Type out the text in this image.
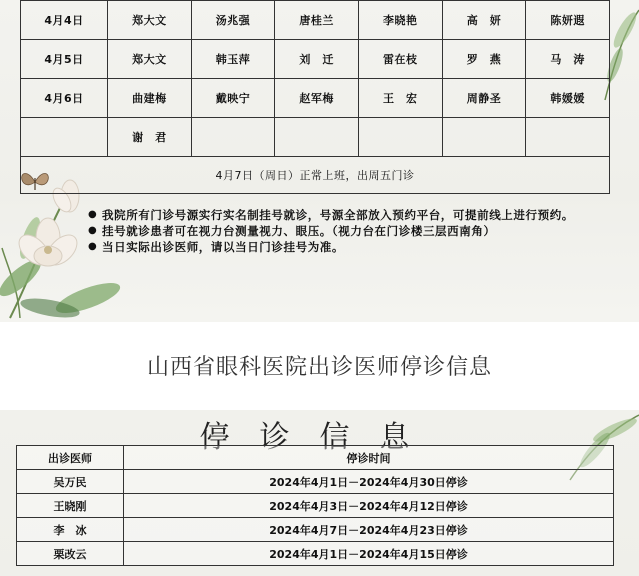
4月4日	郑大文	汤兆强	唐桂兰	李晓艳	高　妍	陈妍遐
4月5日	郑大文	韩玉萍	刘　迁	雷在枝	罗　燕	马　涛
4月6日	曲建梅	戴映宁	赵军梅	王　宏	周静圣	韩媛媛
	谢　君					
4月7日（周日）正常上班，出周五门诊						
● 我院所有门诊号源实行实名制挂号就诊，号源全部放入预约平台，可提前线上进行预约。
● 挂号就诊患者可在视力台测量视力、眼压。（视力台在门诊楼三层西南角）
● 当日实际出诊医师，请以当日门诊挂号为准。
山西省眼科医院出诊医师停诊信息
停诊信息
出诊医师	停诊时间
吴万民	2024年4月1日－2024年4月30日停诊
王晓刚	2024年4月3日－2024年4月12日停诊
李　冰	2024年4月7日－2024年4月23日停诊
栗改云	2024年4月1日－2024年4月15日停诊
